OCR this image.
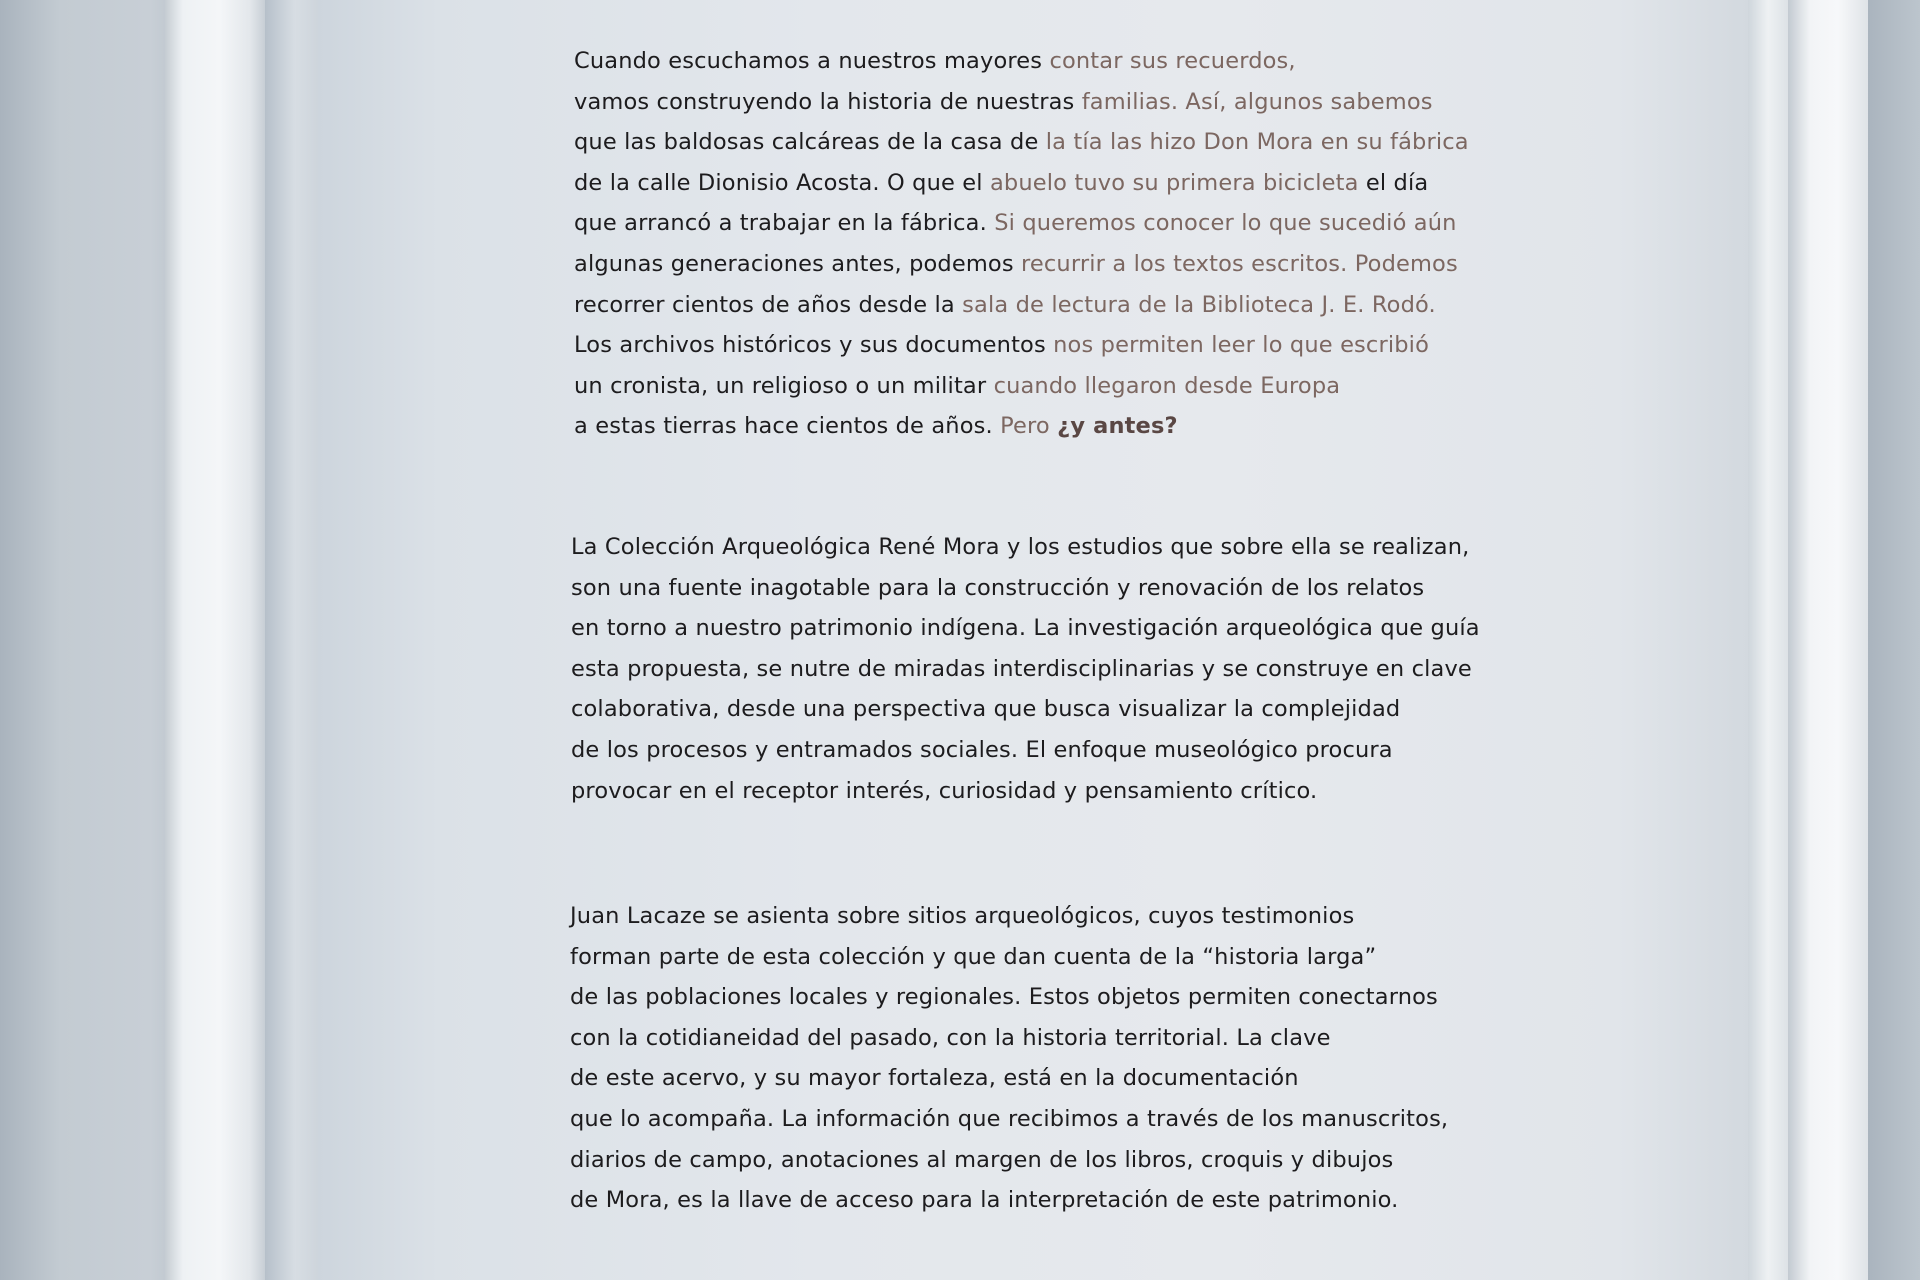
Cuando escuchamos a nuestros mayores contar sus recuerdos,
vamos construyendo la historia de nuestras familias. Así, algunos sabemos
que las baldosas calcáreas de la casa de la tía las hizo Don Mora en su fábrica
de la calle Dionisio Acosta. O que el abuelo tuvo su primera bicicleta el día
que arrancó a trabajar en la fábrica. Si queremos conocer lo que sucedió aún
algunas generaciones antes, podemos recurrir a los textos escritos. Podemos
recorrer cientos de años desde la sala de lectura de la Biblioteca J. E. Rodó.
Los archivos históricos y sus documentos nos permiten leer lo que escribió
un cronista, un religioso o un militar cuando llegaron desde Europa
a estas tierras hace cientos de años. Pero ¿y antes?

La Colección Arqueológica René Mora y los estudios que sobre ella se realizan,
son una fuente inagotable para la construcción y renovación de los relatos
en torno a nuestro patrimonio indígena. La investigación arqueológica que guía
esta propuesta, se nutre de miradas interdisciplinarias y se construye en clave
colaborativa, desde una perspectiva que busca visualizar la complejidad
de los procesos y entramados sociales. El enfoque museológico procura
provocar en el receptor interés, curiosidad y pensamiento crítico.

Juan Lacaze se asienta sobre sitios arqueológicos, cuyos testimonios
forman parte de esta colección y que dan cuenta de la “historia larga”
de las poblaciones locales y regionales. Estos objetos permiten conectarnos
con la cotidianeidad del pasado, con la historia territorial. La clave
de este acervo, y su mayor fortaleza, está en la documentación
que lo acompaña. La información que recibimos a través de los manuscritos,
diarios de campo, anotaciones al margen de los libros, croquis y dibujos
de Mora, es la llave de acceso para la interpretación de este patrimonio.
